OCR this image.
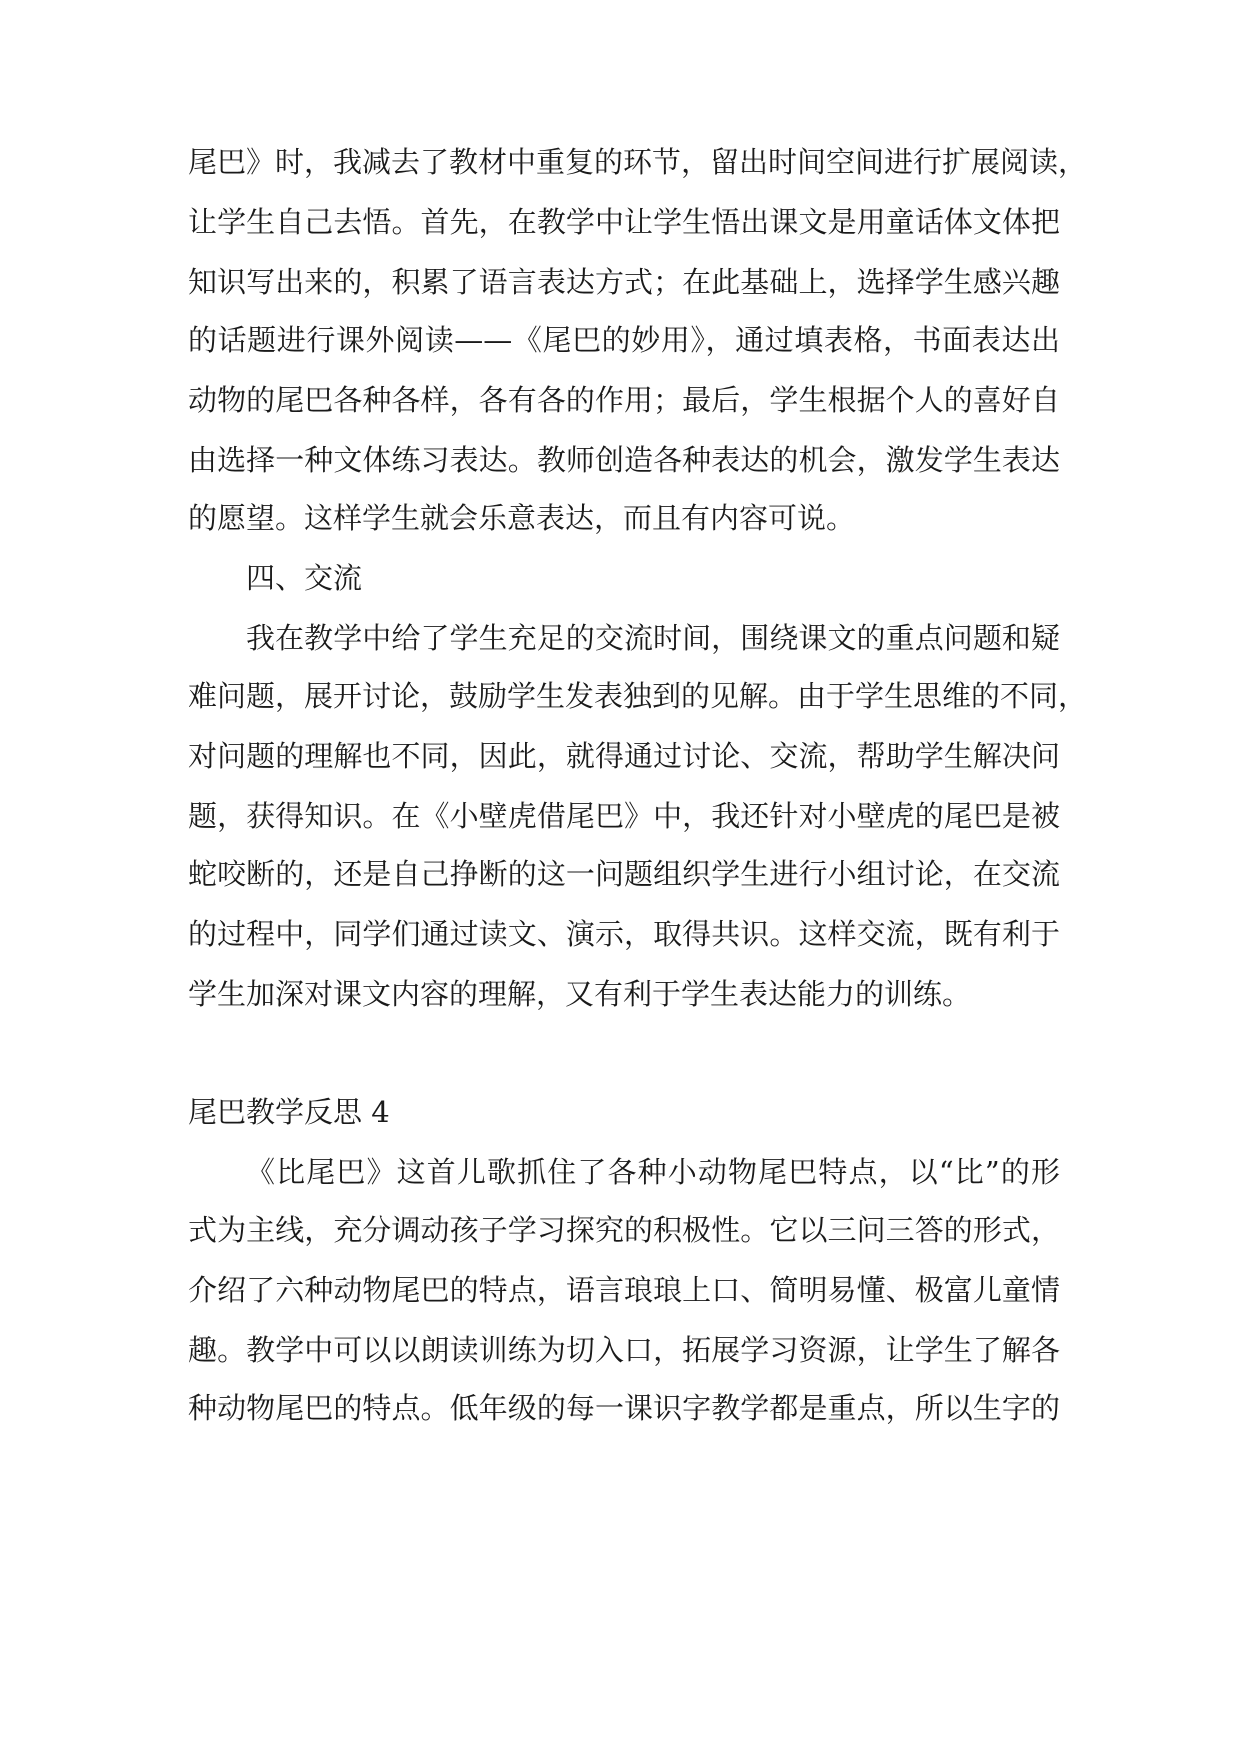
尾巴》时，我减去了教材中重复的环节，留出时间空间进行扩展阅读，
让学生自己去悟。首先，在教学中让学生悟出课文是用童话体文体把
知识写出来的，积累了语言表达方式；在此基础上，选择学生感兴趣
的话题进行课外阅读——《尾巴的妙用》，通过填表格，书面表达出
动物的尾巴各种各样，各有各的作用；最后，学生根据个人的喜好自
由选择一种文体练习表达。教师创造各种表达的机会，激发学生表达
的愿望。这样学生就会乐意表达，而且有内容可说。
四、交流
我在教学中给了学生充足的交流时间，围绕课文的重点问题和疑
难问题，展开讨论，鼓励学生发表独到的见解。由于学生思维的不同，
对问题的理解也不同，因此，就得通过讨论、交流，帮助学生解决问
题，获得知识。在《小壁虎借尾巴》中，我还针对小壁虎的尾巴是被
蛇咬断的，还是自己挣断的这一问题组织学生进行小组讨论，在交流
的过程中，同学们通过读文、演示，取得共识。这样交流，既有利于
学生加深对课文内容的理解，又有利于学生表达能力的训练。
尾巴教学反思 4
《比尾巴》这首儿歌抓住了各种小动物尾巴特点，以“比”的形
式为主线，充分调动孩子学习探究的积极性。它以三问三答的形式，
介绍了六种动物尾巴的特点，语言琅琅上口、简明易懂、极富儿童情
趣。教学中可以以朗读训练为切入口，拓展学习资源，让学生了解各
种动物尾巴的特点。低年级的每一课识字教学都是重点，所以生字的
